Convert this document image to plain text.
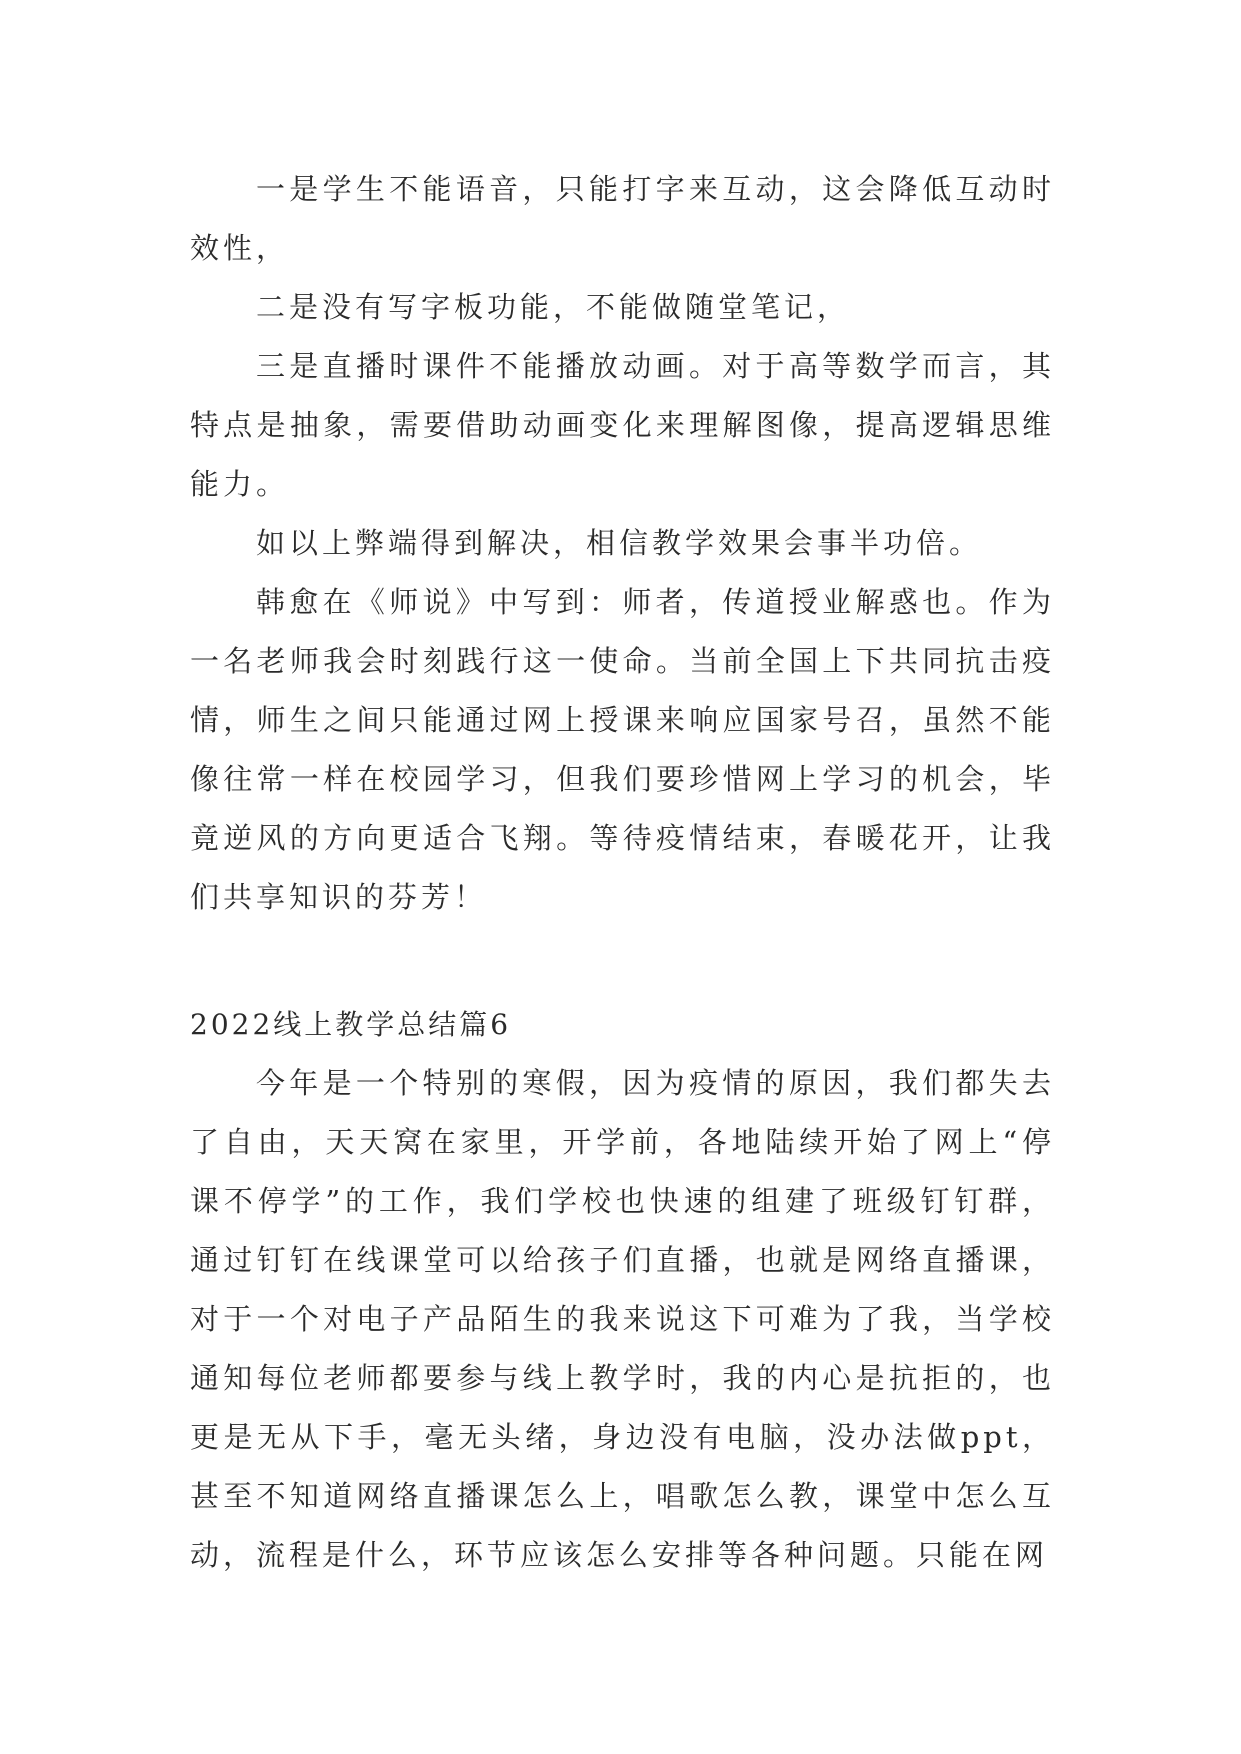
一是学生不能语音，只能打字来互动，这会降低互动时效性，

二是没有写字板功能，不能做随堂笔记，

三是直播时课件不能播放动画。对于高等数学而言，其特点是抽象，需要借助动画变化来理解图像，提高逻辑思维能力。

如以上弊端得到解决，相信教学效果会事半功倍。

韩愈在《师说》中写到：师者，传道授业解惑也。作为一名老师我会时刻践行这一使命。当前全国上下共同抗击疫情，师生之间只能通过网上授课来响应国家号召，虽然不能像往常一样在校园学习，但我们要珍惜网上学习的机会，毕竟逆风的方向更适合飞翔。等待疫情结束，春暖花开，让我们共享知识的芬芳！

2022线上教学总结篇6

今年是一个特别的寒假，因为疫情的原因，我们都失去了自由，天天窝在家里，开学前，各地陆续开始了网上“停课不停学”的工作，我们学校也快速的组建了班级钉钉群，通过钉钉在线课堂可以给孩子们直播，也就是网络直播课，对于一个对电子产品陌生的我来说这下可难为了我，当学校通知每位老师都要参与线上教学时，我的内心是抗拒的，也更是无从下手，毫无头绪，身边没有电脑，没办法做ppt，甚至不知道网络直播课怎么上，唱歌怎么教，课堂中怎么互动，流程是什么，环节应该怎么安排等各种问题。只能在网
